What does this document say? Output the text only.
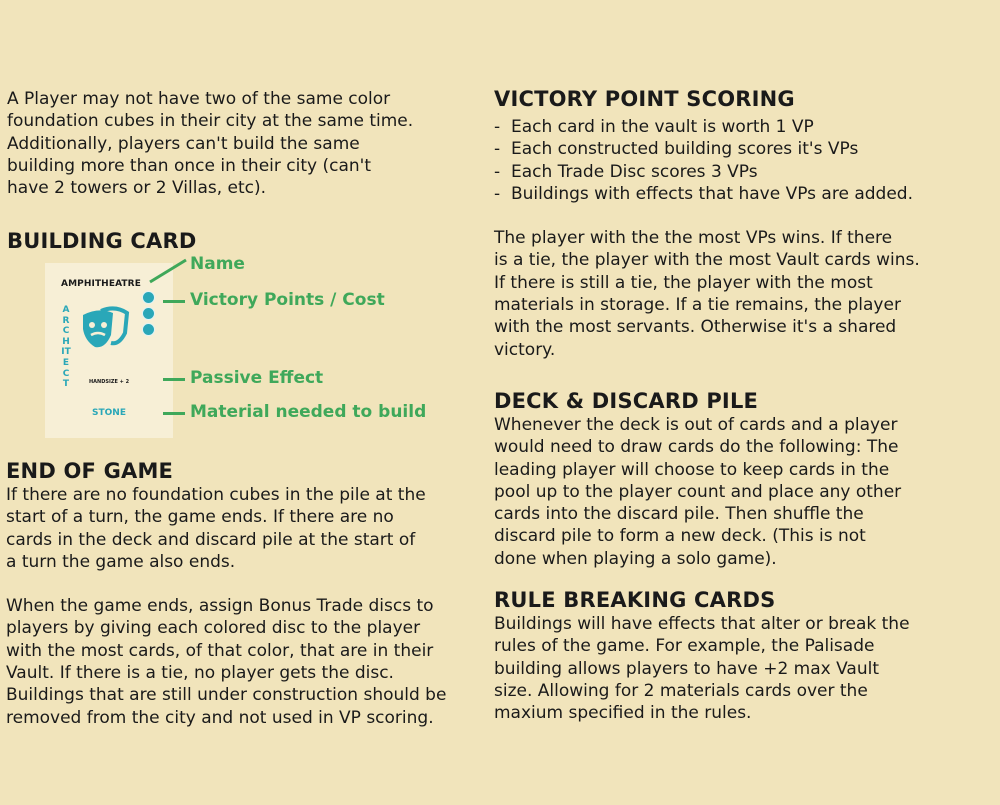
A Player may not have two of the same color
foundation cubes in their city at the same time.
Additionally, players can't build the same
building more than once in their city (can't
have 2 towers or 2 Villas, etc).

BUILDING CARD
AMPHITHEATRE
ARCHITECT	HANDSIZE + 2
STONE
Name
Victory Points / Cost
Passive Effect
Material needed to build
END OF GAME

If there are no foundation cubes in the pile at the
start of a turn, the game ends. If there are no
cards in the deck and discard pile at the start of
a turn the game also ends.

When the game ends, assign Bonus Trade discs to
players by giving each colored disc to the player
with the most cards, of that color, that are in their
Vault. If there is a tie, no player gets the disc.
Buildings that are still under construction should be
removed from the city and not used in VP scoring.

VICTORY POINT SCORING
-  Each card in the vault is worth 1 VP
-  Each constructed building scores it's VPs
-  Each Trade Disc scores 3 VPs
-  Buildings with effects that have VPs are added.

The player with the the most VPs wins. If there
is a tie, the player with the most Vault cards wins.
If there is still a tie, the player with the most
materials in storage. If a tie remains, the player
with the most servants. Otherwise it's a shared
victory.

DECK & DISCARD PILE

Whenever the deck is out of cards and a player
would need to draw cards do the following: The
leading player will choose to keep cards in the
pool up to the player count and place any other
cards into the discard pile. Then shuffle the
discard pile to form a new deck. (This is not
done when playing a solo game).

RULE BREAKING CARDS

Buildings will have effects that alter or break the
rules of the game. For example, the Palisade
building allows players to have +2 max Vault
size. Allowing for 2 materials cards over the
maxium specified in the rules.
